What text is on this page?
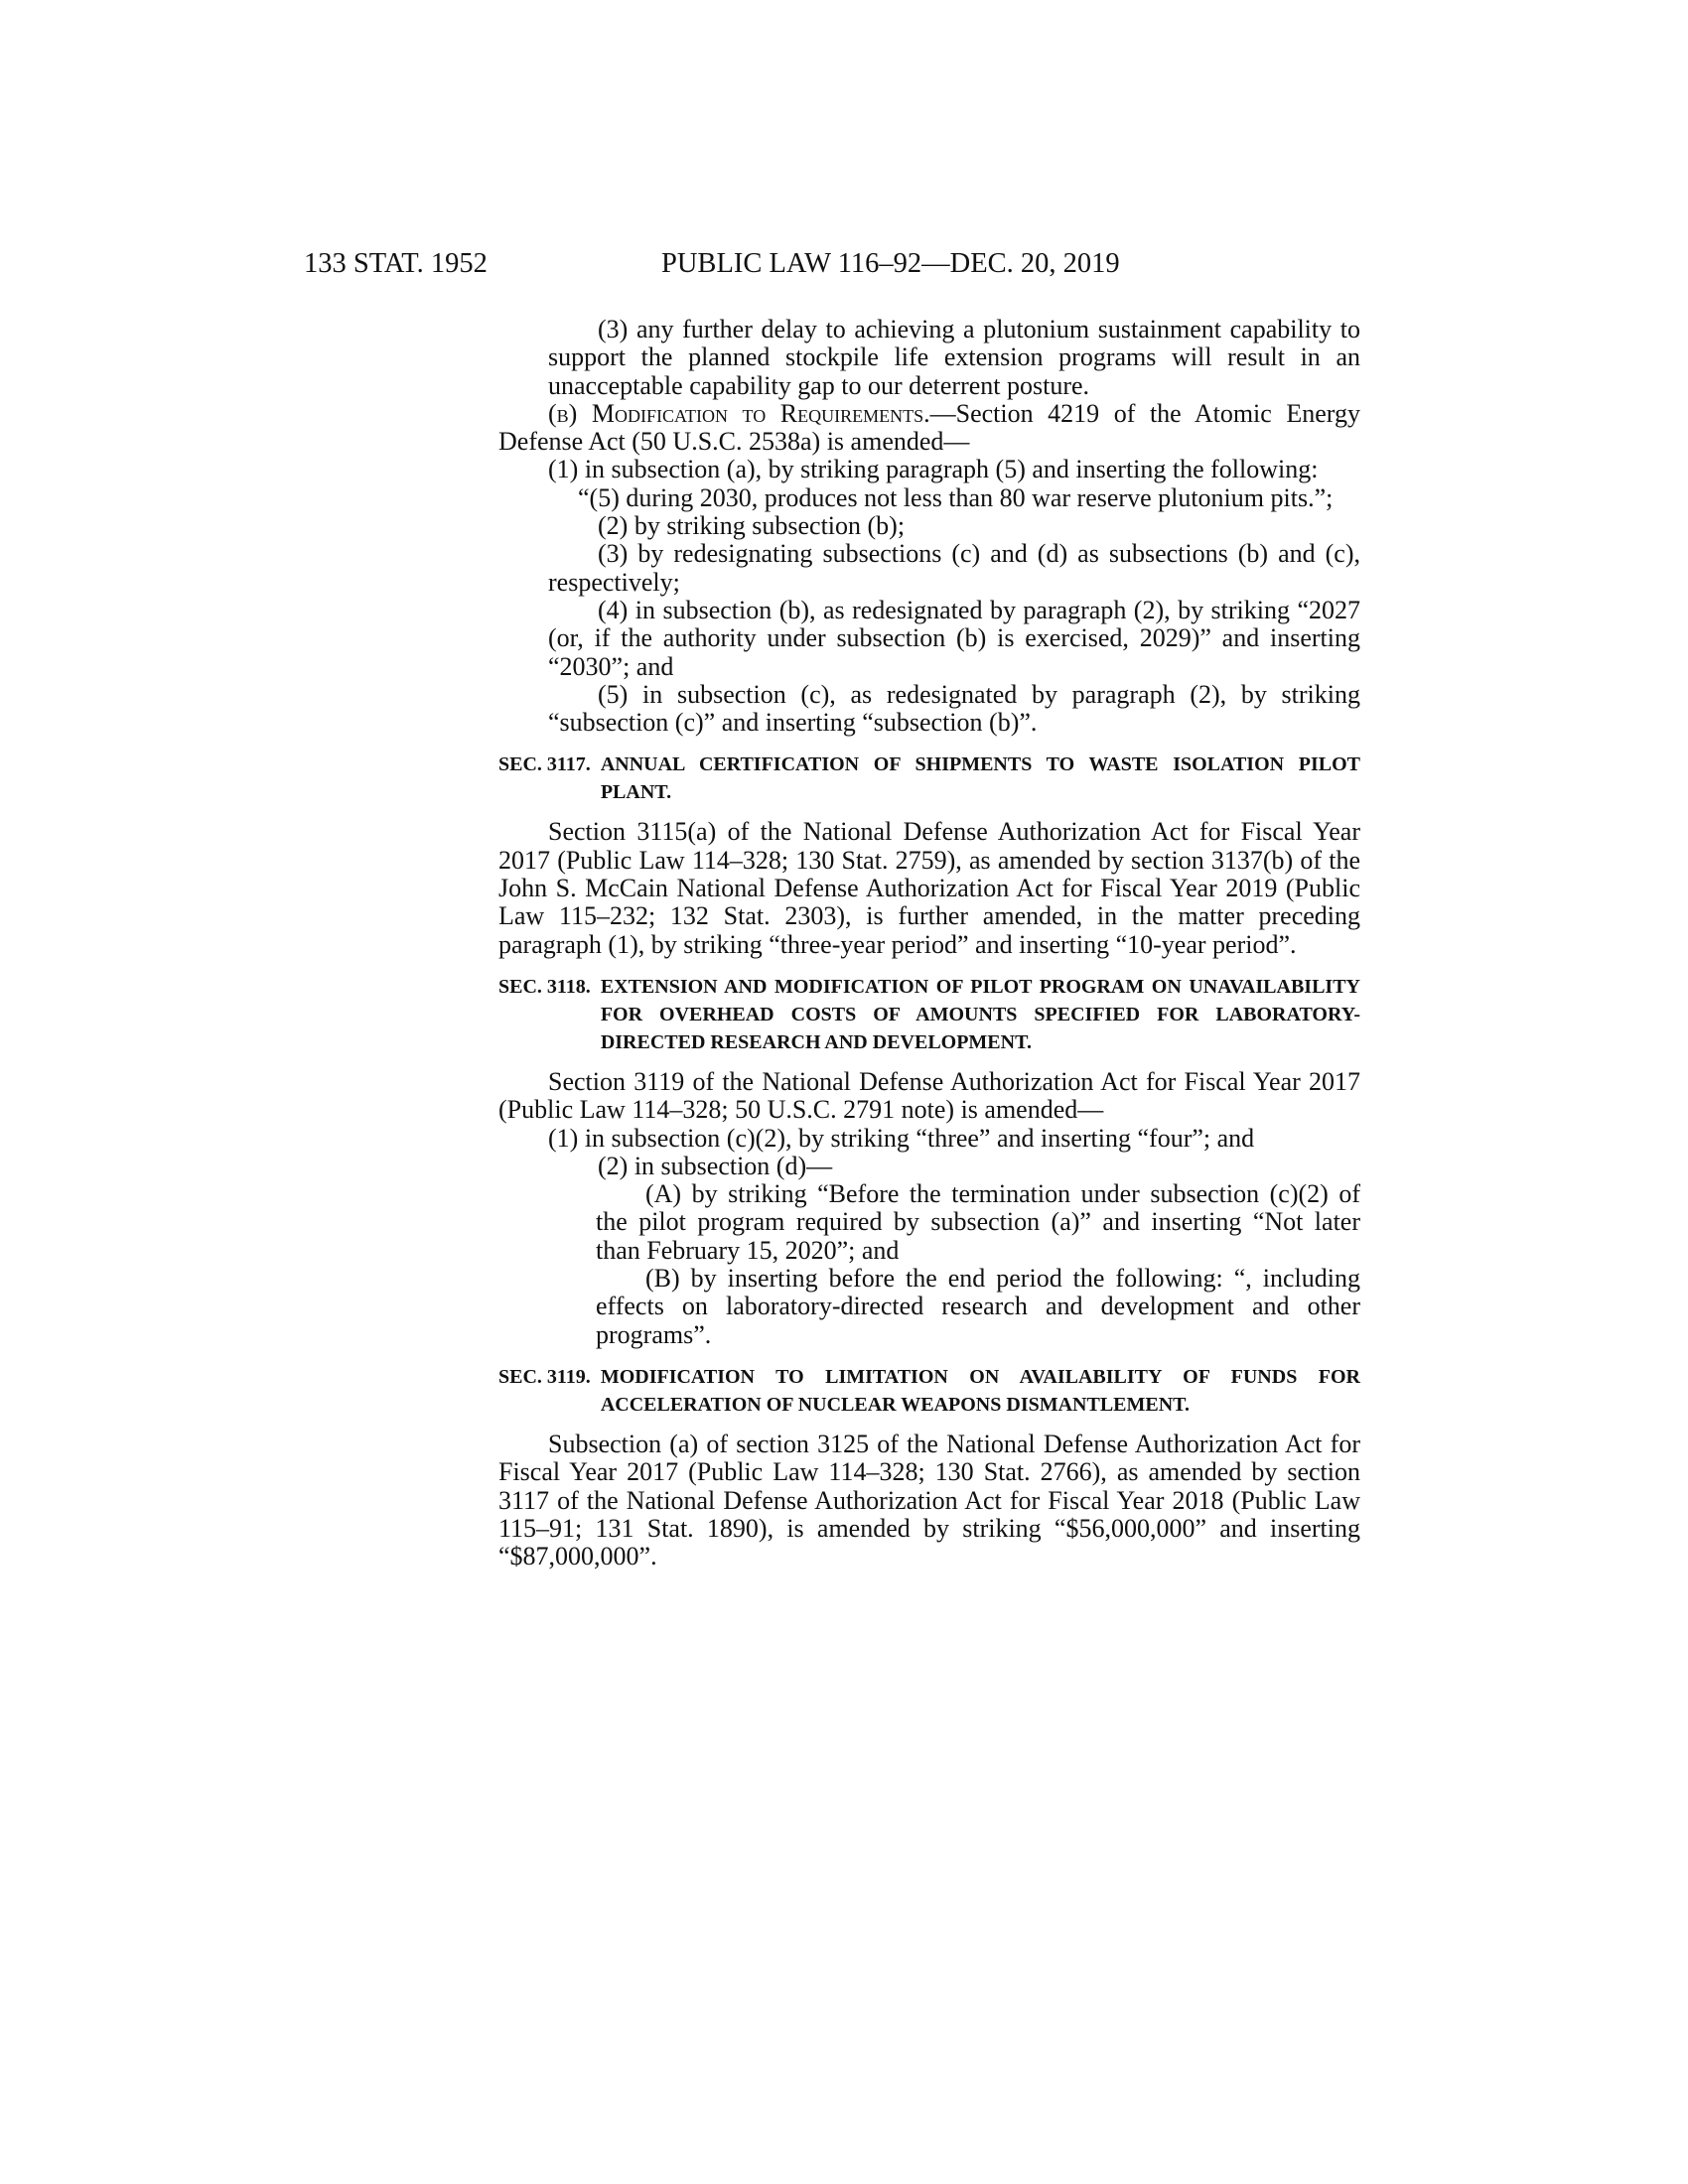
133 STAT. 1952	PUBLIC LAW 116–92—DEC. 20, 2019
(3) any further delay to achieving a plutonium sustainment capability to support the planned stockpile life extension programs will result in an unacceptable capability gap to our deterrent posture.
(b) Modification to Requirements.—Section 4219 of the Atomic Energy Defense Act (50 U.S.C. 2538a) is amended—
(1) in subsection (a), by striking paragraph (5) and inserting the following:
“(5) during 2030, produces not less than 80 war reserve plutonium pits.”;
(2) by striking subsection (b);
(3) by redesignating subsections (c) and (d) as subsections (b) and (c), respectively;
(4) in subsection (b), as redesignated by paragraph (2), by striking “2027 (or, if the authority under subsection (b) is exercised, 2029)” and inserting “2030”; and
(5) in subsection (c), as redesignated by paragraph (2), by striking “subsection (c)” and inserting “subsection (b)”.
SEC. 3117. ANNUAL CERTIFICATION OF SHIPMENTS TO WASTE ISOLATION PILOT PLANT.
Section 3115(a) of the National Defense Authorization Act for Fiscal Year 2017 (Public Law 114–328; 130 Stat. 2759), as amended by section 3137(b) of the John S. McCain National Defense Authorization Act for Fiscal Year 2019 (Public Law 115–232; 132 Stat. 2303), is further amended, in the matter preceding paragraph (1), by striking “three-year period” and inserting “10-year period”.
SEC. 3118. EXTENSION AND MODIFICATION OF PILOT PROGRAM ON UNAVAILABILITY FOR OVERHEAD COSTS OF AMOUNTS SPECIFIED FOR LABORATORY-DIRECTED RESEARCH AND DEVELOPMENT.
Section 3119 of the National Defense Authorization Act for Fiscal Year 2017 (Public Law 114–328; 50 U.S.C. 2791 note) is amended—
(1) in subsection (c)(2), by striking “three” and inserting “four”; and
(2) in subsection (d)—
(A) by striking “Before the termination under subsection (c)(2) of the pilot program required by subsection (a)” and inserting “Not later than February 15, 2020”; and
(B) by inserting before the end period the following: “, including effects on laboratory-directed research and development and other programs”.
SEC. 3119. MODIFICATION TO LIMITATION ON AVAILABILITY OF FUNDS FOR ACCELERATION OF NUCLEAR WEAPONS DISMANTLEMENT.
Subsection (a) of section 3125 of the National Defense Authorization Act for Fiscal Year 2017 (Public Law 114–328; 130 Stat. 2766), as amended by section 3117 of the National Defense Authorization Act for Fiscal Year 2018 (Public Law 115–91; 131 Stat. 1890), is amended by striking “$56,000,000” and inserting “$87,000,000”.
